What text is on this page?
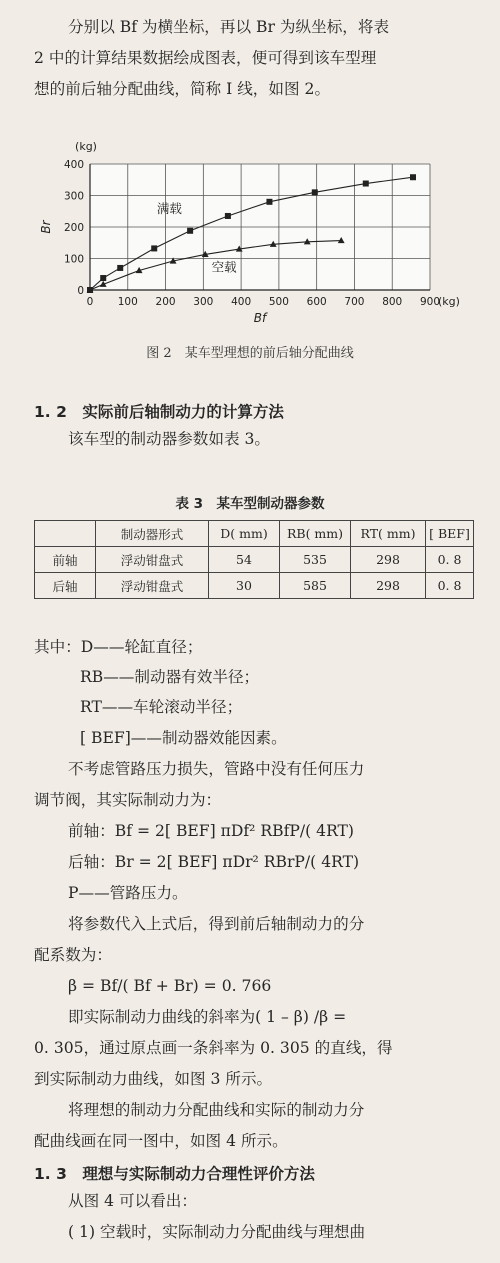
分别以 Bf 为横坐标，再以 Br 为纵坐标，将表

2 中的计算结果数据绘成图表，便可得到该车型理

想的前后轴分配曲线，简称 I 线，如图 2。

0 100 200 300 400 500 600 700 800 900
0
100
200
300
400
Br
(kg)
Bf
(kg)
满载
空载
图 2　某车型理想的前后轴分配曲线
1. 2　实际前后轴制动力的计算方法

该车型的制动器参数如表 3。

表 3　某车型制动器参数
	制动器形式	D( mm)	RB( mm)	RT( mm)	[ BEF]
前轴	浮动钳盘式	54	535	298	0. 8
后轴	浮动钳盘式	30	585	298	0. 8

其中：D——轮缸直径；

RB——制动器有效半径；

RT——车轮滚动半径；

[ BEF]——制动器效能因素。

不考虑管路压力损失，管路中没有任何压力

调节阀，其实际制动力为：

前轴：Bf = 2[ BEF] πDf² RBfP/( 4RT)
后轴：Br = 2[ BEF] πDr² RBrP/( 4RT)
P——管路压力。

将参数代入上式后，得到前后轴制动力的分

配系数为：

β = Bf/( Bf + Br) = 0. 766

即实际制动力曲线的斜率为( 1 – β) /β =

0. 305，通过原点画一条斜率为 0. 305 的直线，得

到实际制动力曲线，如图 3 所示。

将理想的制动力分配曲线和实际的制动力分

配曲线画在同一图中，如图 4 所示。

1. 3　理想与实际制动力合理性评价方法

从图 4 可以看出：

( 1) 空载时，实际制动力分配曲线与理想曲
